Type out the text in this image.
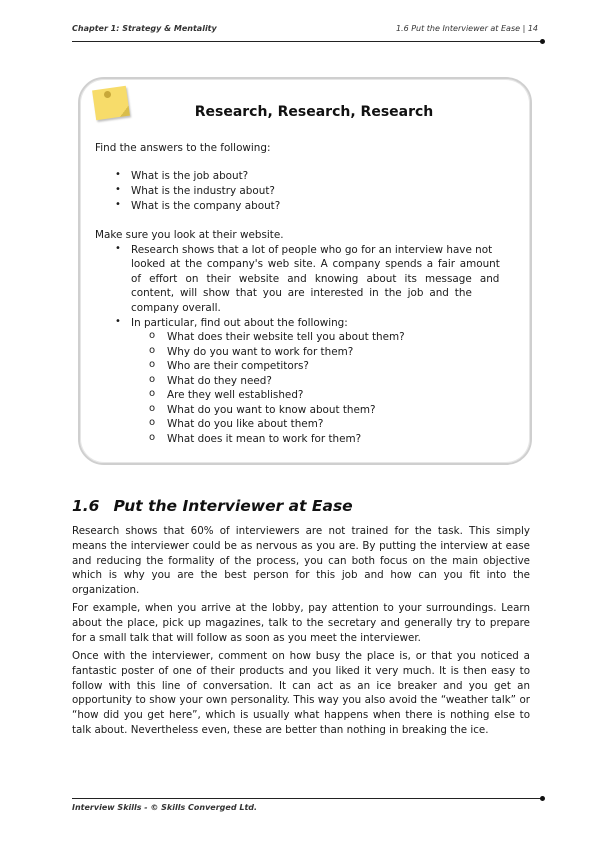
Chapter 1: Strategy & Mentality	1.6 Put the Interviewer at Ease | 14
Research, Research, Research
Find the answers to the following:
• What is the job about?
• What is the industry about?
• What is the company about?
Make sure you look at their website.
• Research shows that a lot of people who go for an interview have not
looked at the company's web site. A company spends a fair amount
of effort on their website and knowing about its message and
content, will show that you are interested in the job and the
company overall.
• In particular, find out about the following:
o What does their website tell you about them?
o Why do you want to work for them?
o Who are their competitors?
o What do they need?
o Are they well established?
o What do you want to know about them?
o What do you like about them?
o What does it mean to work for them?
1.6 Put the Interviewer at Ease

Research shows that 60% of interviewers are not trained for the task. This simply means the interviewer could be as nervous as you are. By putting the interview at ease and reducing the formality of the process, you can both focus on the main objective which is why you are the best person for this job and how can you fit into the organization.

For example, when you arrive at the lobby, pay attention to your surroundings. Learn about the place, pick up magazines, talk to the secretary and generally try to prepare for a small talk that will follow as soon as you meet the interviewer.

Once with the interviewer, comment on how busy the place is, or that you noticed a fantastic poster of one of their products and you liked it very much. It is then easy to follow with this line of conversation. It can act as an ice breaker and you get an opportunity to show your own personality. This way you also avoid the “weather talk” or “how did you get here”, which is usually what happens when there is nothing else to talk about. Nevertheless even, these are better than nothing in breaking the ice.

Interview Skills - © Skills Converged Ltd.
